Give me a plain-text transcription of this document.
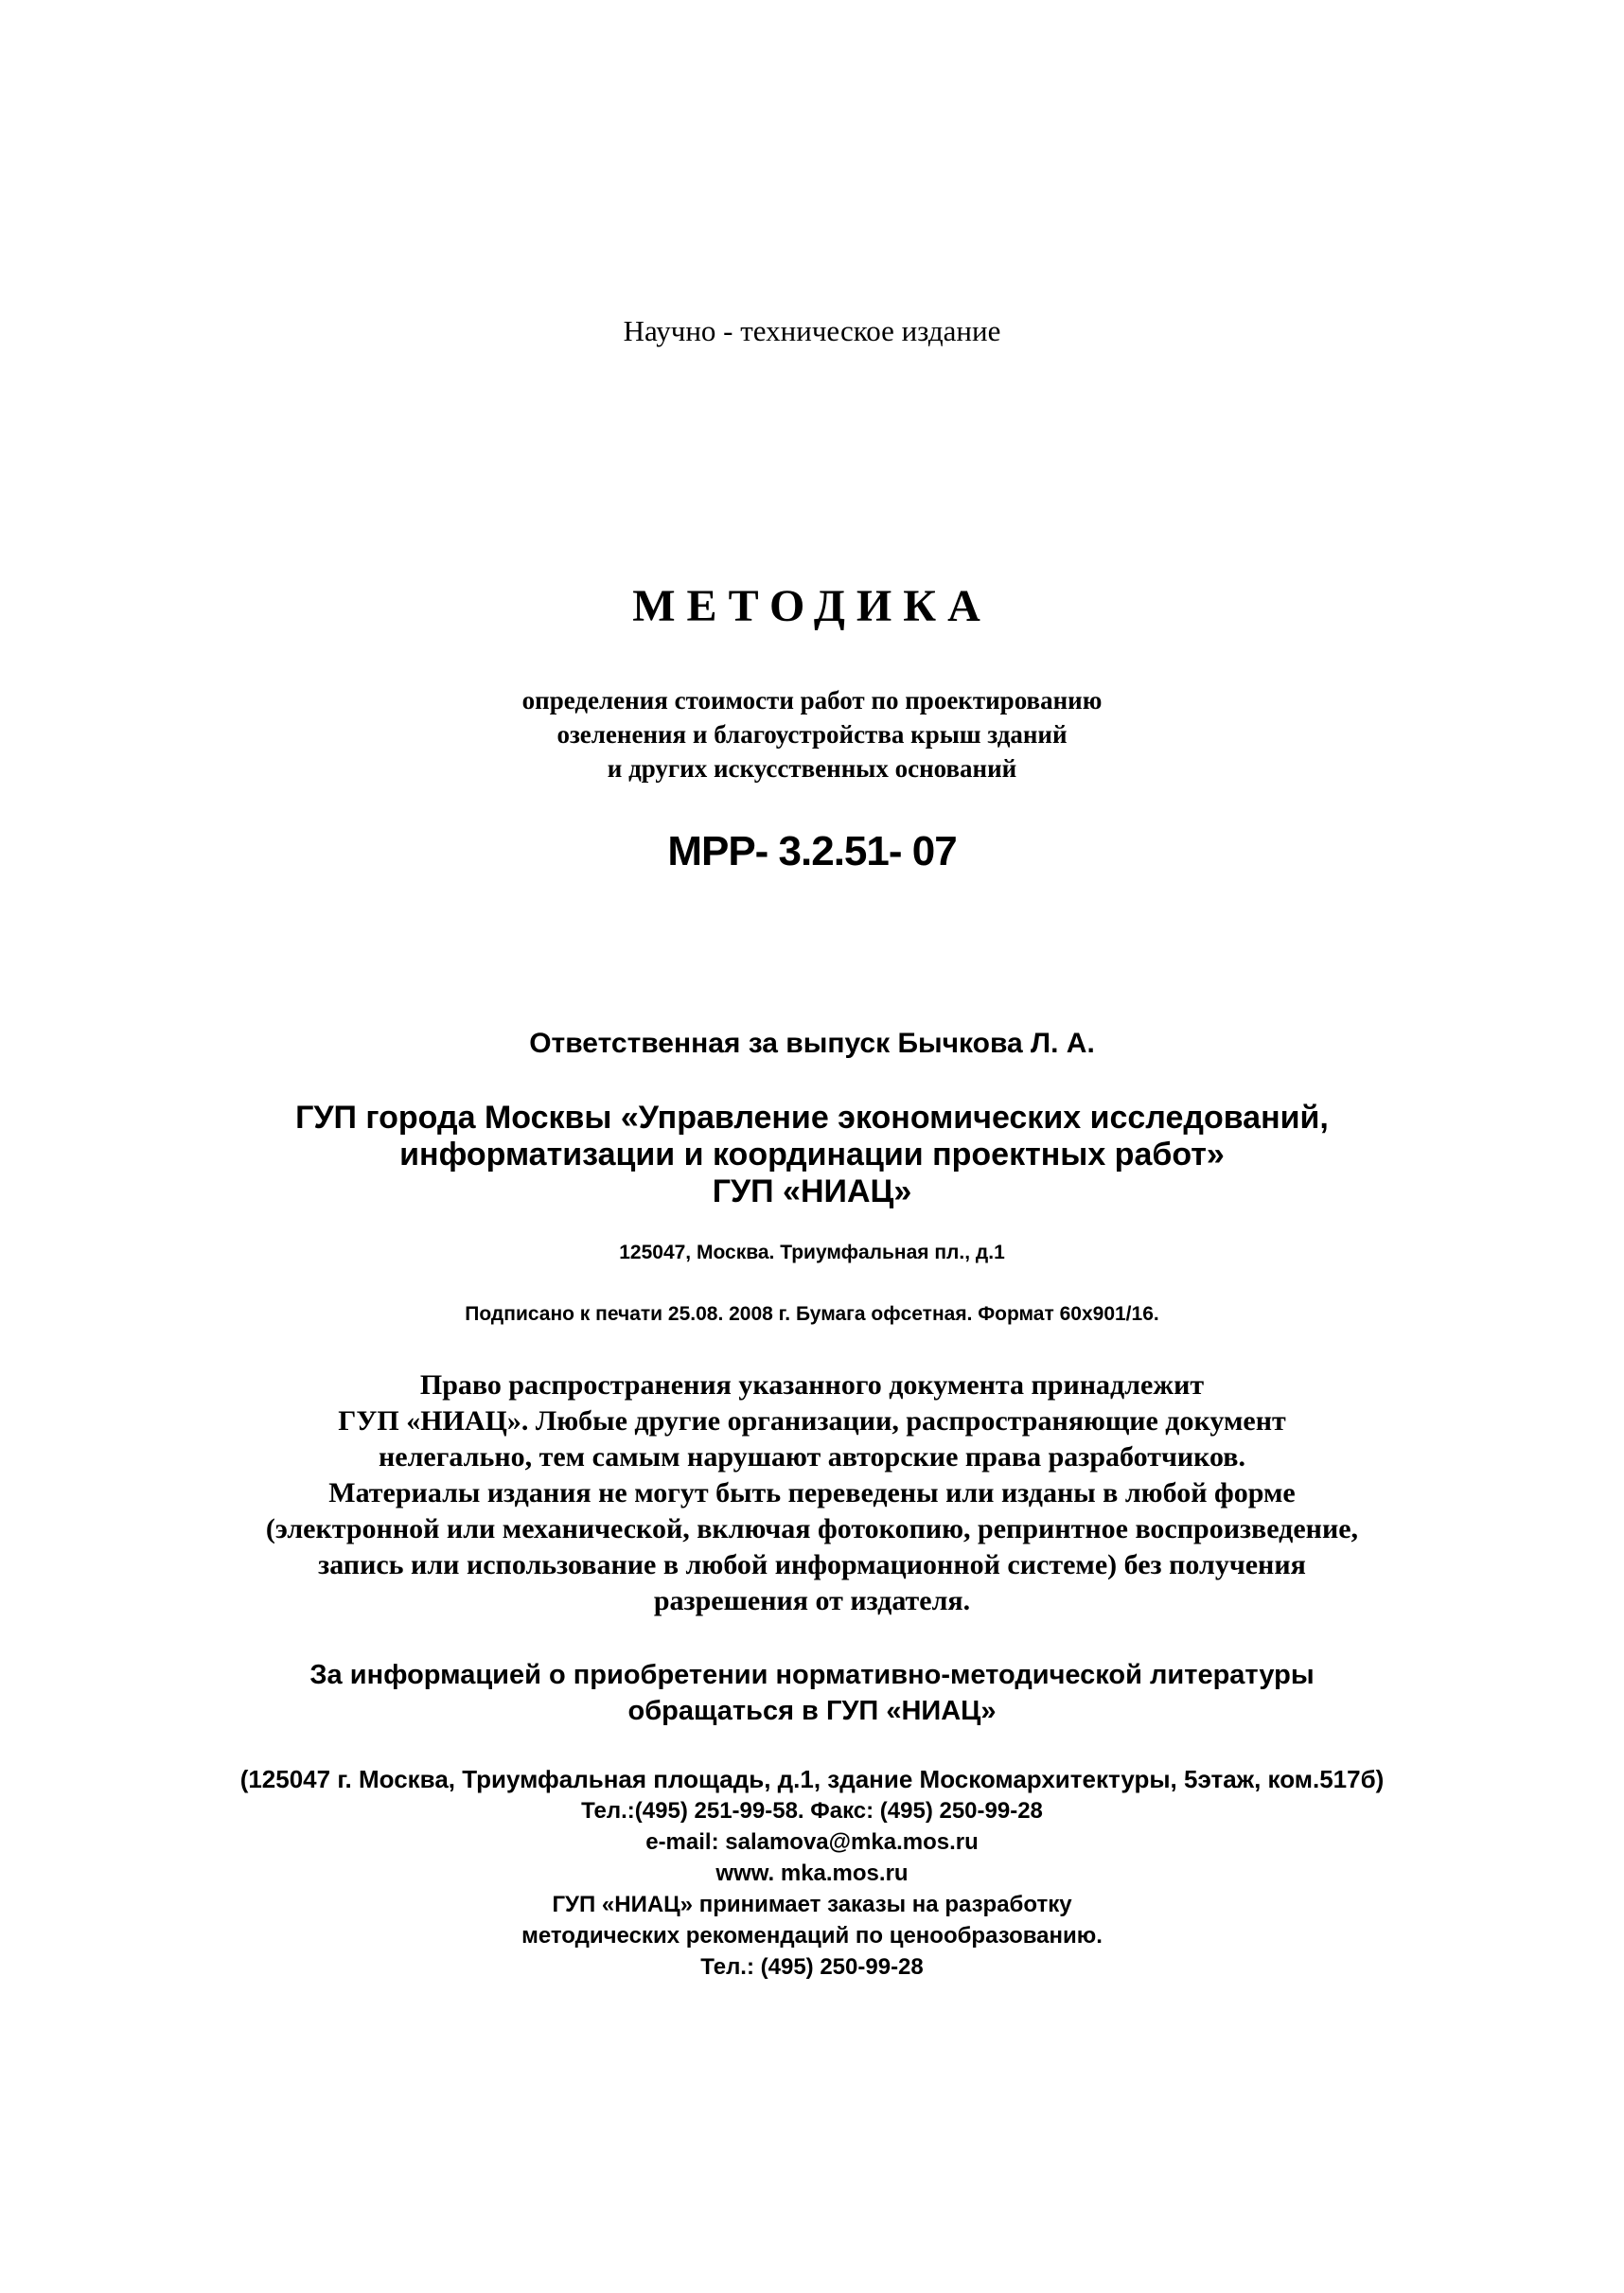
Научно - техническое издание
МЕТОДИКА
определения стоимости работ по проектированию
озеленения и благоустройства крыш зданий
и других искусственных оснований
МРР- 3.2.51- 07
Ответственная за выпуск Бычкова Л. А.
ГУП города Москвы «Управление экономических исследований,
информатизации и координации проектных работ»
ГУП «НИАЦ»
125047, Москва. Триумфальная пл., д.1
Подписано к печати 25.08. 2008 г. Бумага офсетная. Формат 60х901/16.
Право распространения указанного документа принадлежит
ГУП «НИАЦ». Любые другие организации, распространяющие документ
нелегально, тем самым нарушают авторские права разработчиков.
Материалы издания не могут быть переведены или изданы в любой форме
(электронной или механической, включая фотокопию, репринтное воспроизведение,
запись или использование в любой информационной системе) без получения
разрешения от издателя.
За информацией о приобретении нормативно-методической литературы
обращаться в ГУП «НИАЦ»
(125047 г. Москва, Триумфальная площадь, д.1, здание Москомархитектуры, 5этаж, ком.517б)
Тел.:(495) 251-99-58. Факс: (495) 250-99-28
e-mail: salamova@mka.mos.ru
www. mka.mos.ru
ГУП «НИАЦ» принимает заказы на разработку
методических рекомендаций по ценообразованию.
Тел.: (495) 250-99-28
